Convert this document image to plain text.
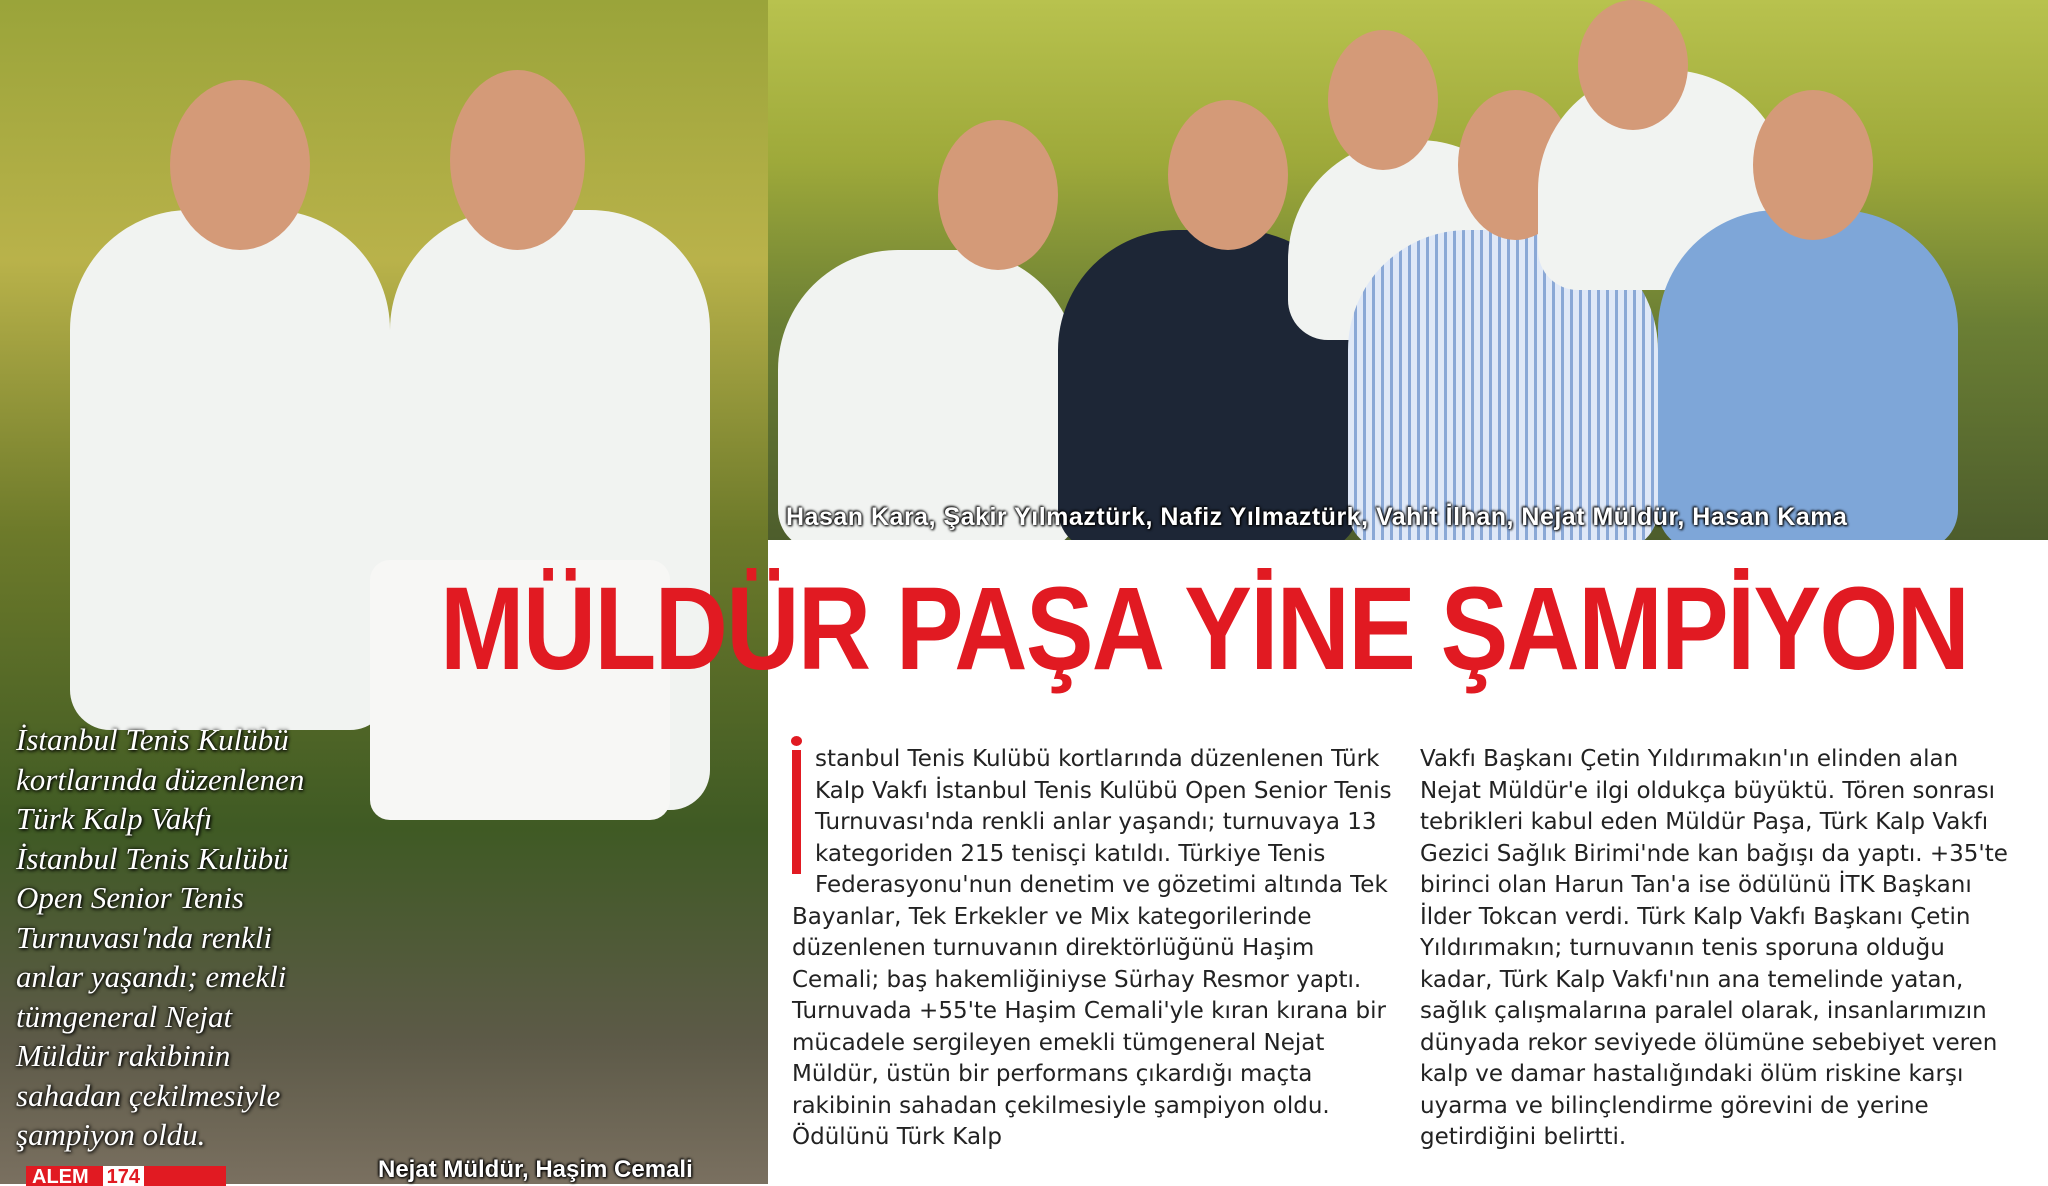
Hasan Kara, Şakir Yılmaztürk, Nafiz Yılmaztürk, Vahit İlhan, Nejat Müldür, Hasan Kama
İstanbul Tenis Kulübü
kortlarında düzenlenen
Türk Kalp Vakfı
İstanbul Tenis Kulübü
Open Senior Tenis
Turnuvası'nda renkli
anlar yaşandı; emekli
tümgeneral Nejat
Müldür rakibinin
sahadan çekilmesiyle
şampiyon oldu.
Nejat Müldür, Haşim Cemali
MÜLDÜR PAŞA YİNE ŞAMPİYON

stanbul Tenis Kulübü kortlarında düzenlenen Türk Kalp Vakfı İstanbul Tenis Kulübü Open Senior Tenis Turnuvası'nda renkli anlar yaşandı; turnuvaya 13 kategoriden 215 tenisçi katıldı. Türkiye Tenis Federasyonu'nun denetim ve gözetimi altında Tek Bayanlar, Tek Erkekler ve Mix kategorilerinde düzenlenen turnuvanın direktörlüğünü Haşim Cemali; baş hakemliğiniyse Sürhay Resmor yaptı. Turnuvada +55'te Haşim Cemali'yle kıran kırana bir mücadele sergileyen emekli tümgeneral Nejat Müldür, üstün bir performans çıkardığı maçta rakibinin sahadan çekilmesiyle şampiyon oldu. Ödülünü Türk Kalp

Vakfı Başkanı Çetin Yıldırımakın'ın elinden alan Nejat Müldür'e ilgi oldukça büyüktü. Tören sonrası tebrikleri kabul eden Müldür Paşa, Türk Kalp Vakfı Gezici Sağlık Birimi'nde kan bağışı da yaptı. +35'te birinci olan Harun Tan'a ise ödülünü İTK Başkanı İlder Tokcan verdi. Türk Kalp Vakfı Başkanı Çetin Yıldırımakın; turnuvanın tenis sporuna olduğu kadar, Türk Kalp Vakfı'nın ana temelinde yatan, sağlık çalışmalarına paralel olarak, insanlarımızın dünyada rekor seviyede ölümüne sebebiyet veren kalp ve damar hastalığındaki ölüm riskine karşı uyarma ve bilinçlendirme görevini de yerine getirdiğini belirtti.

ALEM 174
